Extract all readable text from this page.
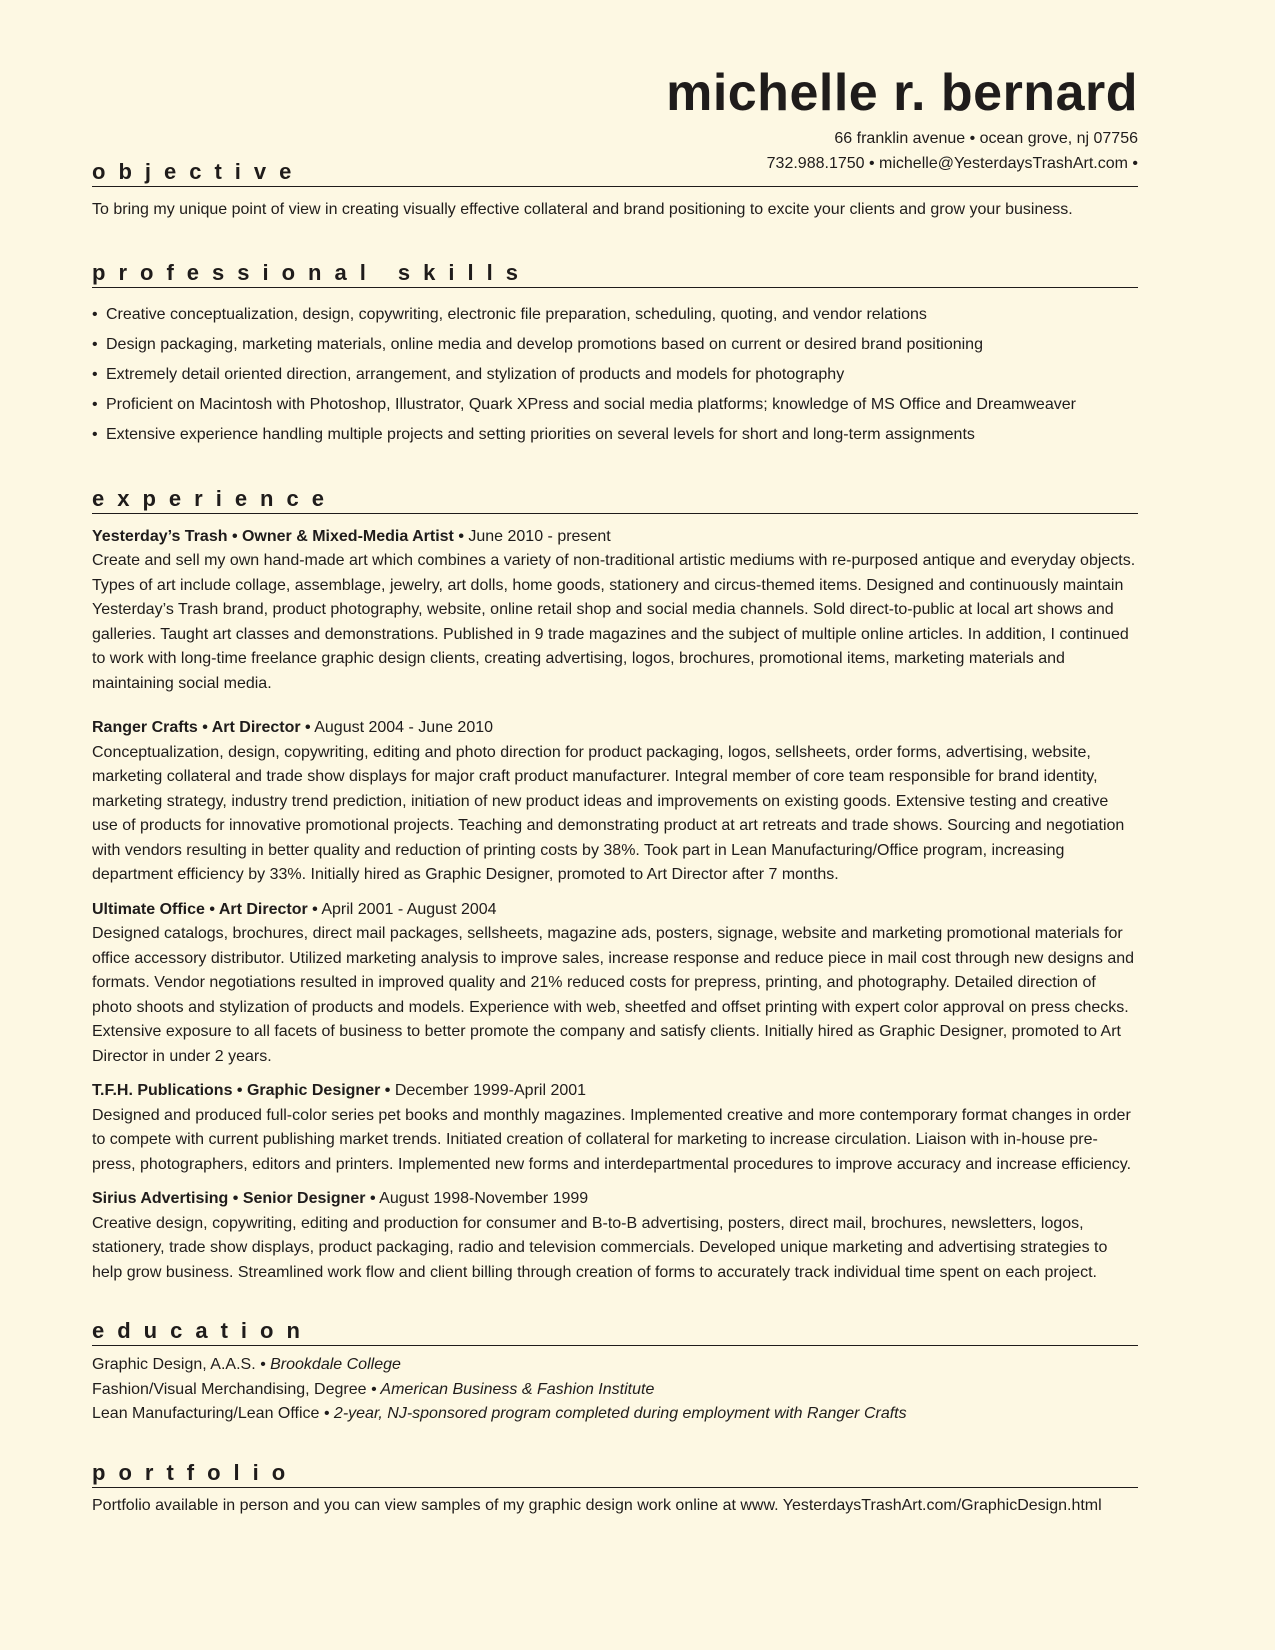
michelle r. bernard
66 franklin avenue • ocean grove, nj 07756
732.988.1750 • michelle@YesterdaysTrashArt.com •
objective
To bring my unique point of view in creating visually effective collateral and brand positioning to excite your clients and grow your business.
professional skills
• Creative conceptualization, design, copywriting, electronic file preparation, scheduling, quoting, and vendor relations
• Design packaging, marketing materials, online media and develop promotions based on current or desired brand positioning
• Extremely detail oriented direction, arrangement, and stylization of products and models for photography
• Proficient on Macintosh with Photoshop, Illustrator, Quark XPress and social media platforms; knowledge of MS Office and Dreamweaver
• Extensive experience handling multiple projects and setting priorities on several levels for short and long-term assignments
experience
Yesterday’s Trash • Owner & Mixed-Media Artist • June 2010 - present
Create and sell my own hand-made art which combines a variety of non-traditional artistic mediums with re-purposed antique and everyday objects. Types of art include collage, assemblage, jewelry, art dolls, home goods, stationery and circus-themed items. Designed and continuously maintain Yesterday’s Trash brand, product photography, website, online retail shop and social media channels. Sold direct-to-public at local art shows and galleries. Taught art classes and demonstrations. Published in 9 trade magazines and the subject of multiple online articles. In addition, I continued to work with long-time freelance graphic design clients, creating advertising, logos, brochures, promotional items, marketing materials and maintaining social media.
Ranger Crafts • Art Director • August 2004 - June 2010
Conceptualization, design, copywriting, editing and photo direction for product packaging, logos, sellsheets, order forms, advertising, website, marketing collateral and trade show displays for major craft product manufacturer. Integral member of core team responsible for brand identity, marketing strategy, industry trend prediction, initiation of new product ideas and improvements on existing goods. Extensive testing and creative use of products for innovative promotional projects. Teaching and demonstrating product at art retreats and trade shows. Sourcing and negotiation with vendors resulting in better quality and reduction of printing costs by 38%. Took part in Lean Manufacturing/Office program, increasing department efficiency by 33%. Initially hired as Graphic Designer, promoted to Art Director after 7 months.
Ultimate Office • Art Director • April 2001 - August 2004
Designed catalogs, brochures, direct mail packages, sellsheets, magazine ads, posters, signage, website and marketing promotional materials for office accessory distributor. Utilized marketing analysis to improve sales, increase response and reduce piece in mail cost through new designs and formats. Vendor negotiations resulted in improved quality and 21% reduced costs for prepress, printing, and photography. Detailed direction of photo shoots and stylization of products and models. Experience with web, sheetfed and offset printing with expert color approval on press checks. Extensive exposure to all facets of business to better promote the company and satisfy clients. Initially hired as Graphic Designer, promoted to Art Director in under 2 years.
T.F.H. Publications • Graphic Designer • December 1999-April 2001
Designed and produced full-color series pet books and monthly magazines. Implemented creative and more contemporary format changes in order to compete with current publishing market trends. Initiated creation of collateral for marketing to increase circulation. Liaison with in-house pre-press, photographers, editors and printers. Implemented new forms and interdepartmental procedures to improve accuracy and increase efficiency.
Sirius Advertising • Senior Designer • August 1998-November 1999
Creative design, copywriting, editing and production for consumer and B-to-B advertising, posters, direct mail, brochures, newsletters, logos, stationery, trade show displays, product packaging, radio and television commercials. Developed unique marketing and advertising strategies to help grow business. Streamlined work flow and client billing through creation of forms to accurately track individual time spent on each project.
education
Graphic Design, A.A.S. • Brookdale College
Fashion/Visual Merchandising, Degree • American Business & Fashion Institute
Lean Manufacturing/Lean Office • 2-year, NJ-sponsored program completed during employment with Ranger Crafts
portfolio
Portfolio available in person and you can view samples of my graphic design work online at www. YesterdaysTrashArt.com/GraphicDesign.html
